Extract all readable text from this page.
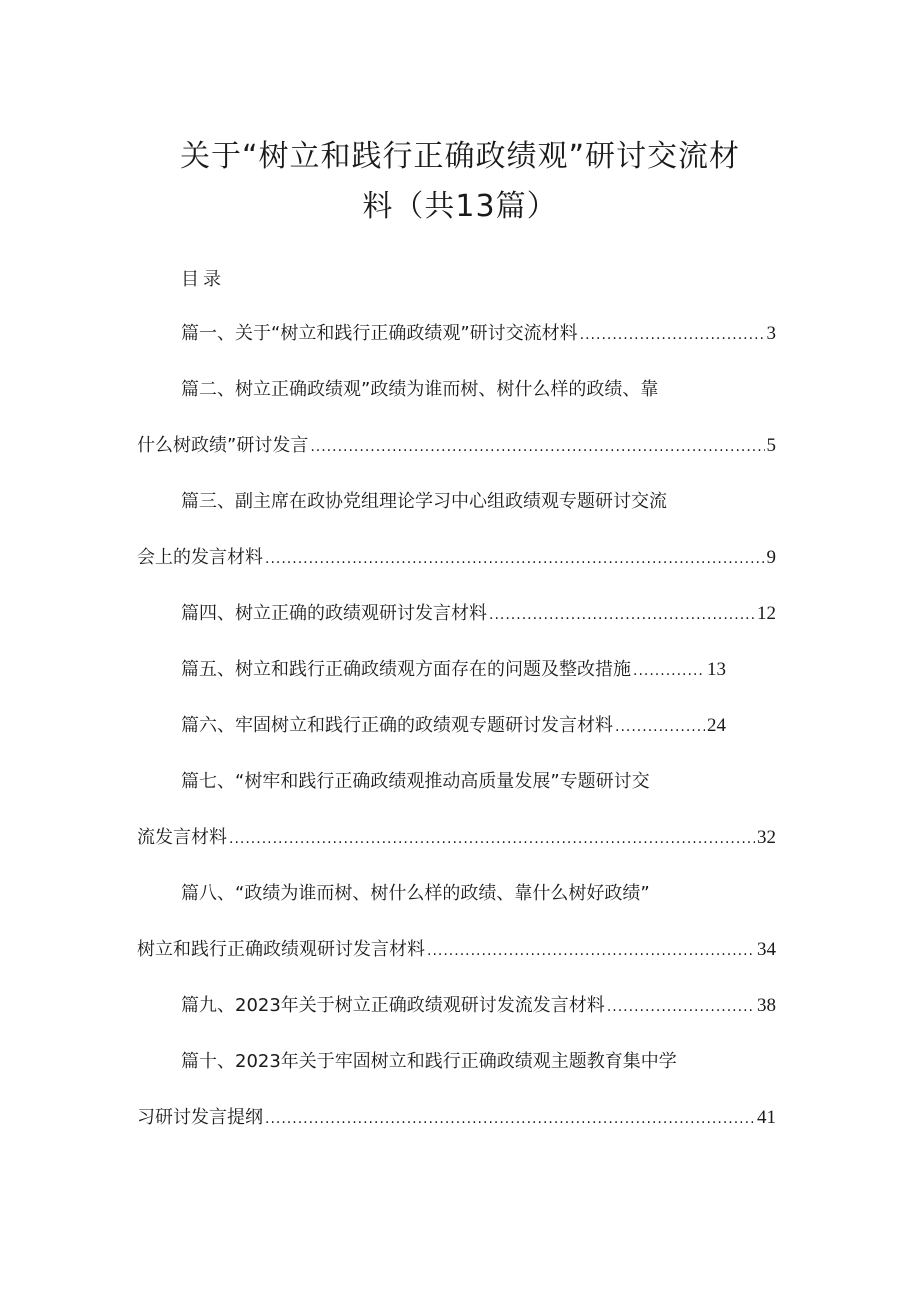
关于“树立和践行正确政绩观”研讨交流材
料（共13篇）
目录
篇一、关于“树立和践行正确政绩观”研讨交流材料 .....	3
篇二、树立正确政绩观”政绩为谁而树、树什么样的政绩、靠
什么树政绩”研讨发言 .....	5
篇三、副主席在政协党组理论学习中心组政绩观专题研讨交流
会上的发言材料 .....	9
篇四、树立正确的政绩观研讨发言材料 .....	12
篇五、树立和践行正确政绩观方面存在的问题及整改措施 .....	13
篇六、牢固树立和践行正确的政绩观专题研讨发言材料 .....	24
篇七、“树牢和践行正确政绩观推动高质量发展”专题研讨交
流发言材料 .....	32
篇八、“政绩为谁而树、树什么样的政绩、靠什么树好政绩”
树立和践行正确政绩观研讨发言材料 .....	34
篇九、2023年关于树立正确政绩观研讨发流发言材料 .....	38
篇十、2023年关于牢固树立和践行正确政绩观主题教育集中学
习研讨发言提纲 .....	41
